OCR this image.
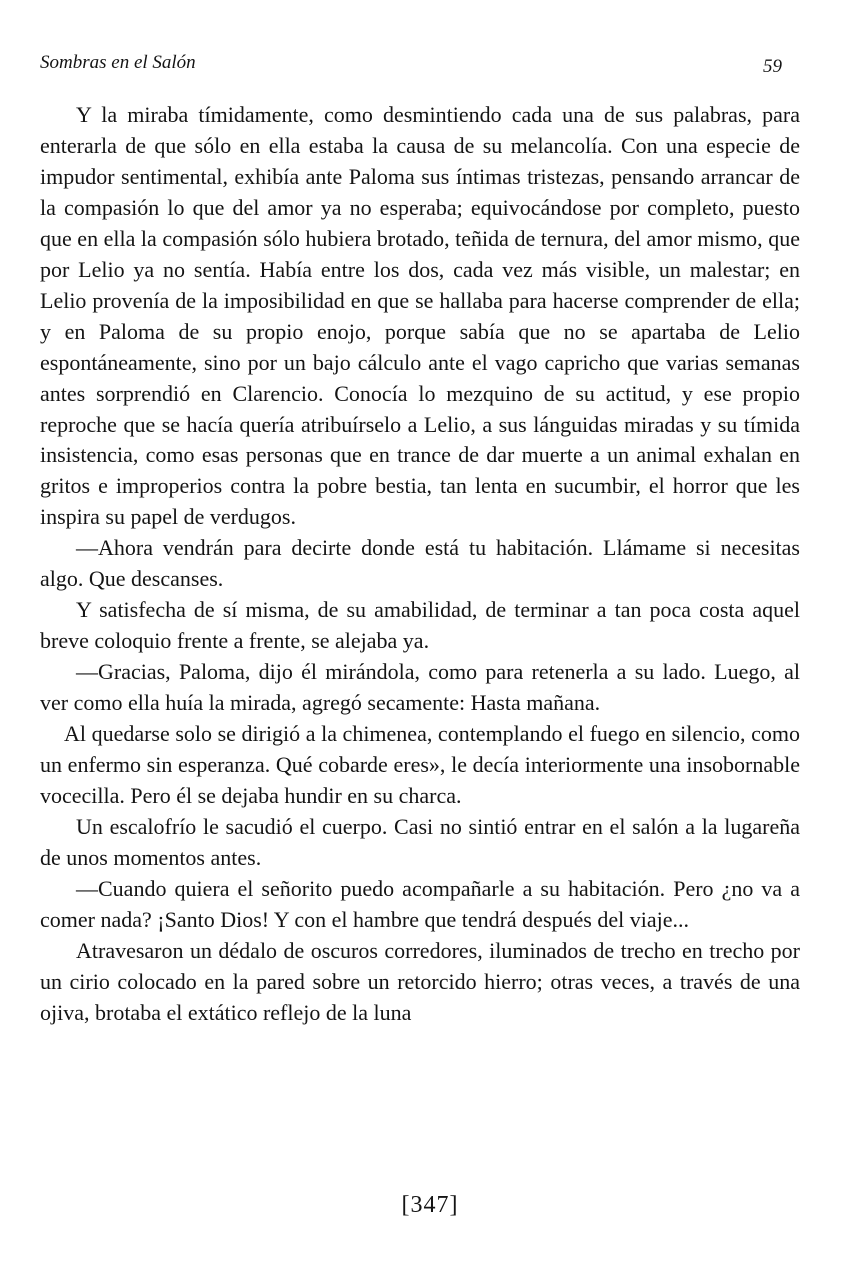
Sombras en el Salón	59

Y la miraba tímidamente, como desmintiendo cada una de sus palabras, para enterarla de que sólo en ella estaba la causa de su melancolía. Con una especie de impudor sentimental, exhibía ante Paloma sus íntimas tristezas, pensando arrancar de la compasión lo que del amor ya no esperaba; equivocándose por completo, puesto que en ella la compasión sólo hubiera brotado, teñida de ternura, del amor mismo, que por Lelio ya no sentía. Había entre los dos, cada vez más visible, un malestar; en Lelio provenía de la imposibilidad en que se hallaba para hacerse comprender de ella; y en Paloma de su propio enojo, porque sabía que no se apartaba de Lelio espontáneamente, sino por un bajo cálculo ante el vago capricho que varias semanas antes sorprendió en Clarencio. Conocía lo mezquino de su actitud, y ese propio reproche que se hacía quería atribuírselo a Lelio, a sus lánguidas miradas y su tímida insistencia, como esas personas que en trance de dar muerte a un animal exhalan en gritos e improperios contra la pobre bestia, tan lenta en sucumbir, el horror que les inspira su papel de verdugos.

—Ahora vendrán para decirte donde está tu habitación. Llámame si necesitas algo. Que descanses.

Y satisfecha de sí misma, de su amabilidad, de terminar a tan poca costa aquel breve coloquio frente a frente, se alejaba ya.

—Gracias, Paloma, dijo él mirándola, como para retenerla a su lado. Luego, al ver como ella huía la mirada, agregó secamente: Hasta mañana.

Al quedarse solo se dirigió a la chimenea, contemplando el fuego en silencio, como un enfermo sin esperanza. Qué cobarde eres», le decía interiormente una insobornable vocecilla. Pero él se dejaba hundir en su charca.

Un escalofrío le sacudió el cuerpo. Casi no sintió entrar en el salón a la lugareña de unos momentos antes.

—Cuando quiera el señorito puedo acompañarle a su habitación. Pero ¿no va a comer nada? ¡Santo Dios! Y con el hambre que tendrá después del viaje...

Atravesaron un dédalo de oscuros corredores, iluminados de trecho en trecho por un cirio colocado en la pared sobre un retorcido hierro; otras veces, a través de una ojiva, brotaba el extático reflejo de la luna

[347]
